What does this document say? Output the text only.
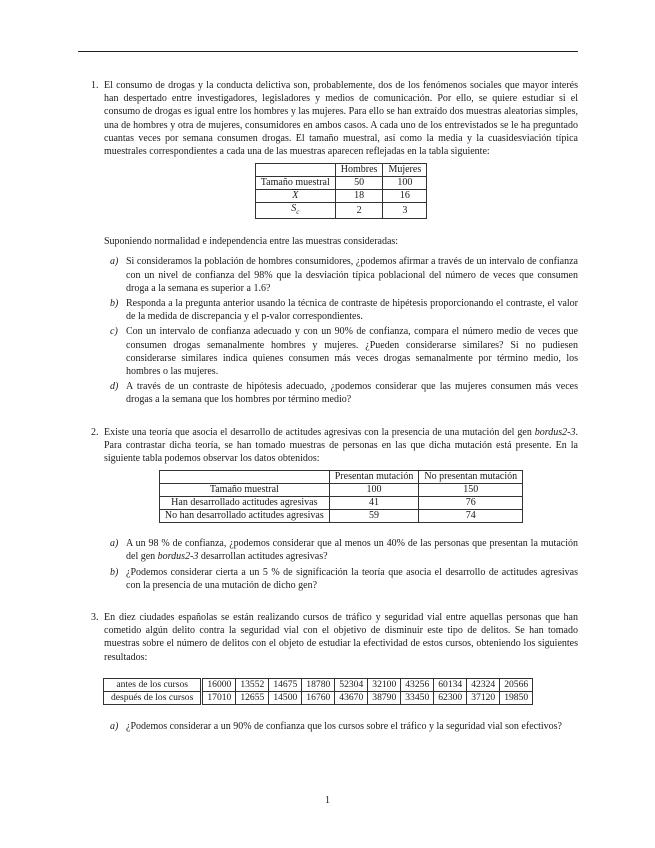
1. El consumo de drogas y la conducta delictiva son, probablemente, dos de los fenómenos sociales que mayor interés han despertado entre investigadores, legisladores y medios de comunicación. Por ello, se quiere estudiar si el consumo de drogas es igual entre los hombres y las mujeres. Para ello se han extraído dos muestras aleatorias simples, una de hombres y otra de mujeres, consumidores en ambos casos. A cada uno de los entrevistados se le ha preguntado cuantas veces por semana consumen drogas. El tamaño muestral, así como la media y la cuasidesviación típica muestrales correspondientes a cada una de las muestras aparecen reflejadas en la tabla siguiente:

	Hombres	Mujeres
Tamaño muestral	50	100
$\overline{X}$	18	16
$S_c$	2	3

Suponiendo normalidad e independencia entre las muestras consideradas:

a) Si consideramos la población de hombres consumidores, ¿podemos afirmar a través de un intervalo de confianza con un nivel de confianza del 98% que la desviación típica poblacional del número de veces que consumen droga a la semana es superior a 1.6?
b) Responda a la pregunta anterior usando la técnica de contraste de hipétesis proporcionando el contraste, el valor de la medida de discrepancia y el p-valor correspondientes.
c) Con un intervalo de confianza adecuado y con un 90% de confianza, compara el número medio de veces que consumen drogas semanalmente hombres y mujeres. ¿Pueden considerarse similares? Si no pudiesen considerarse similares indica quienes consumen más veces drogas semanalmente por término medio, los hombres o las mujeres.
d) A través de un contraste de hipótesis adecuado, ¿podemos considerar que las mujeres consumen más veces drogas a la semana que los hombres por término medio?
2. Existe una teoría que asocia el desarrollo de actitudes agresivas con la presencia de una mutación del gen bordus2-3. Para contrastar dicha teoría, se han tomado muestras de personas en las que dicha mutación está presente. En la siguiente tabla podemos observar los datos obtenidos:

	Presentan mutación	No presentan mutación
Tamaño muestral	100	150
Han desarrollado actitudes agresivas	41	76
No han desarrollado actitudes agresivas	59	74
a) A un 98 % de confianza, ¿podemos considerar que al menos un 40% de las personas que presentan la mutación del gen bordus2-3 desarrollan actitudes agresivas?
b) ¿Podemos considerar cierta a un 5 % de significación la teoría que asocia el desarrollo de actitudes agresivas con la presencia de una mutación de dicho gen?
3. En diez ciudades españolas se están realizando cursos de tráfico y seguridad vial entre aquellas personas que han cometido algún delito contra la seguridad vial con el objetivo de disminuir este tipo de delitos. Se han tomado muestras sobre el número de delitos con el objeto de estudiar la efectividad de estos cursos, obteniendo los siguientes resultados:

antes de los cursos	16000	13552	14675	18780	52304	32100	43256	60134	42324	20566
después de los cursos	17010	12655	14500	16760	43670	38790	33450	62300	37120	19850
a) ¿Podemos considerar a un 90% de confianza que los cursos sobre el tráfico y la seguridad vial son efectivos?
1
